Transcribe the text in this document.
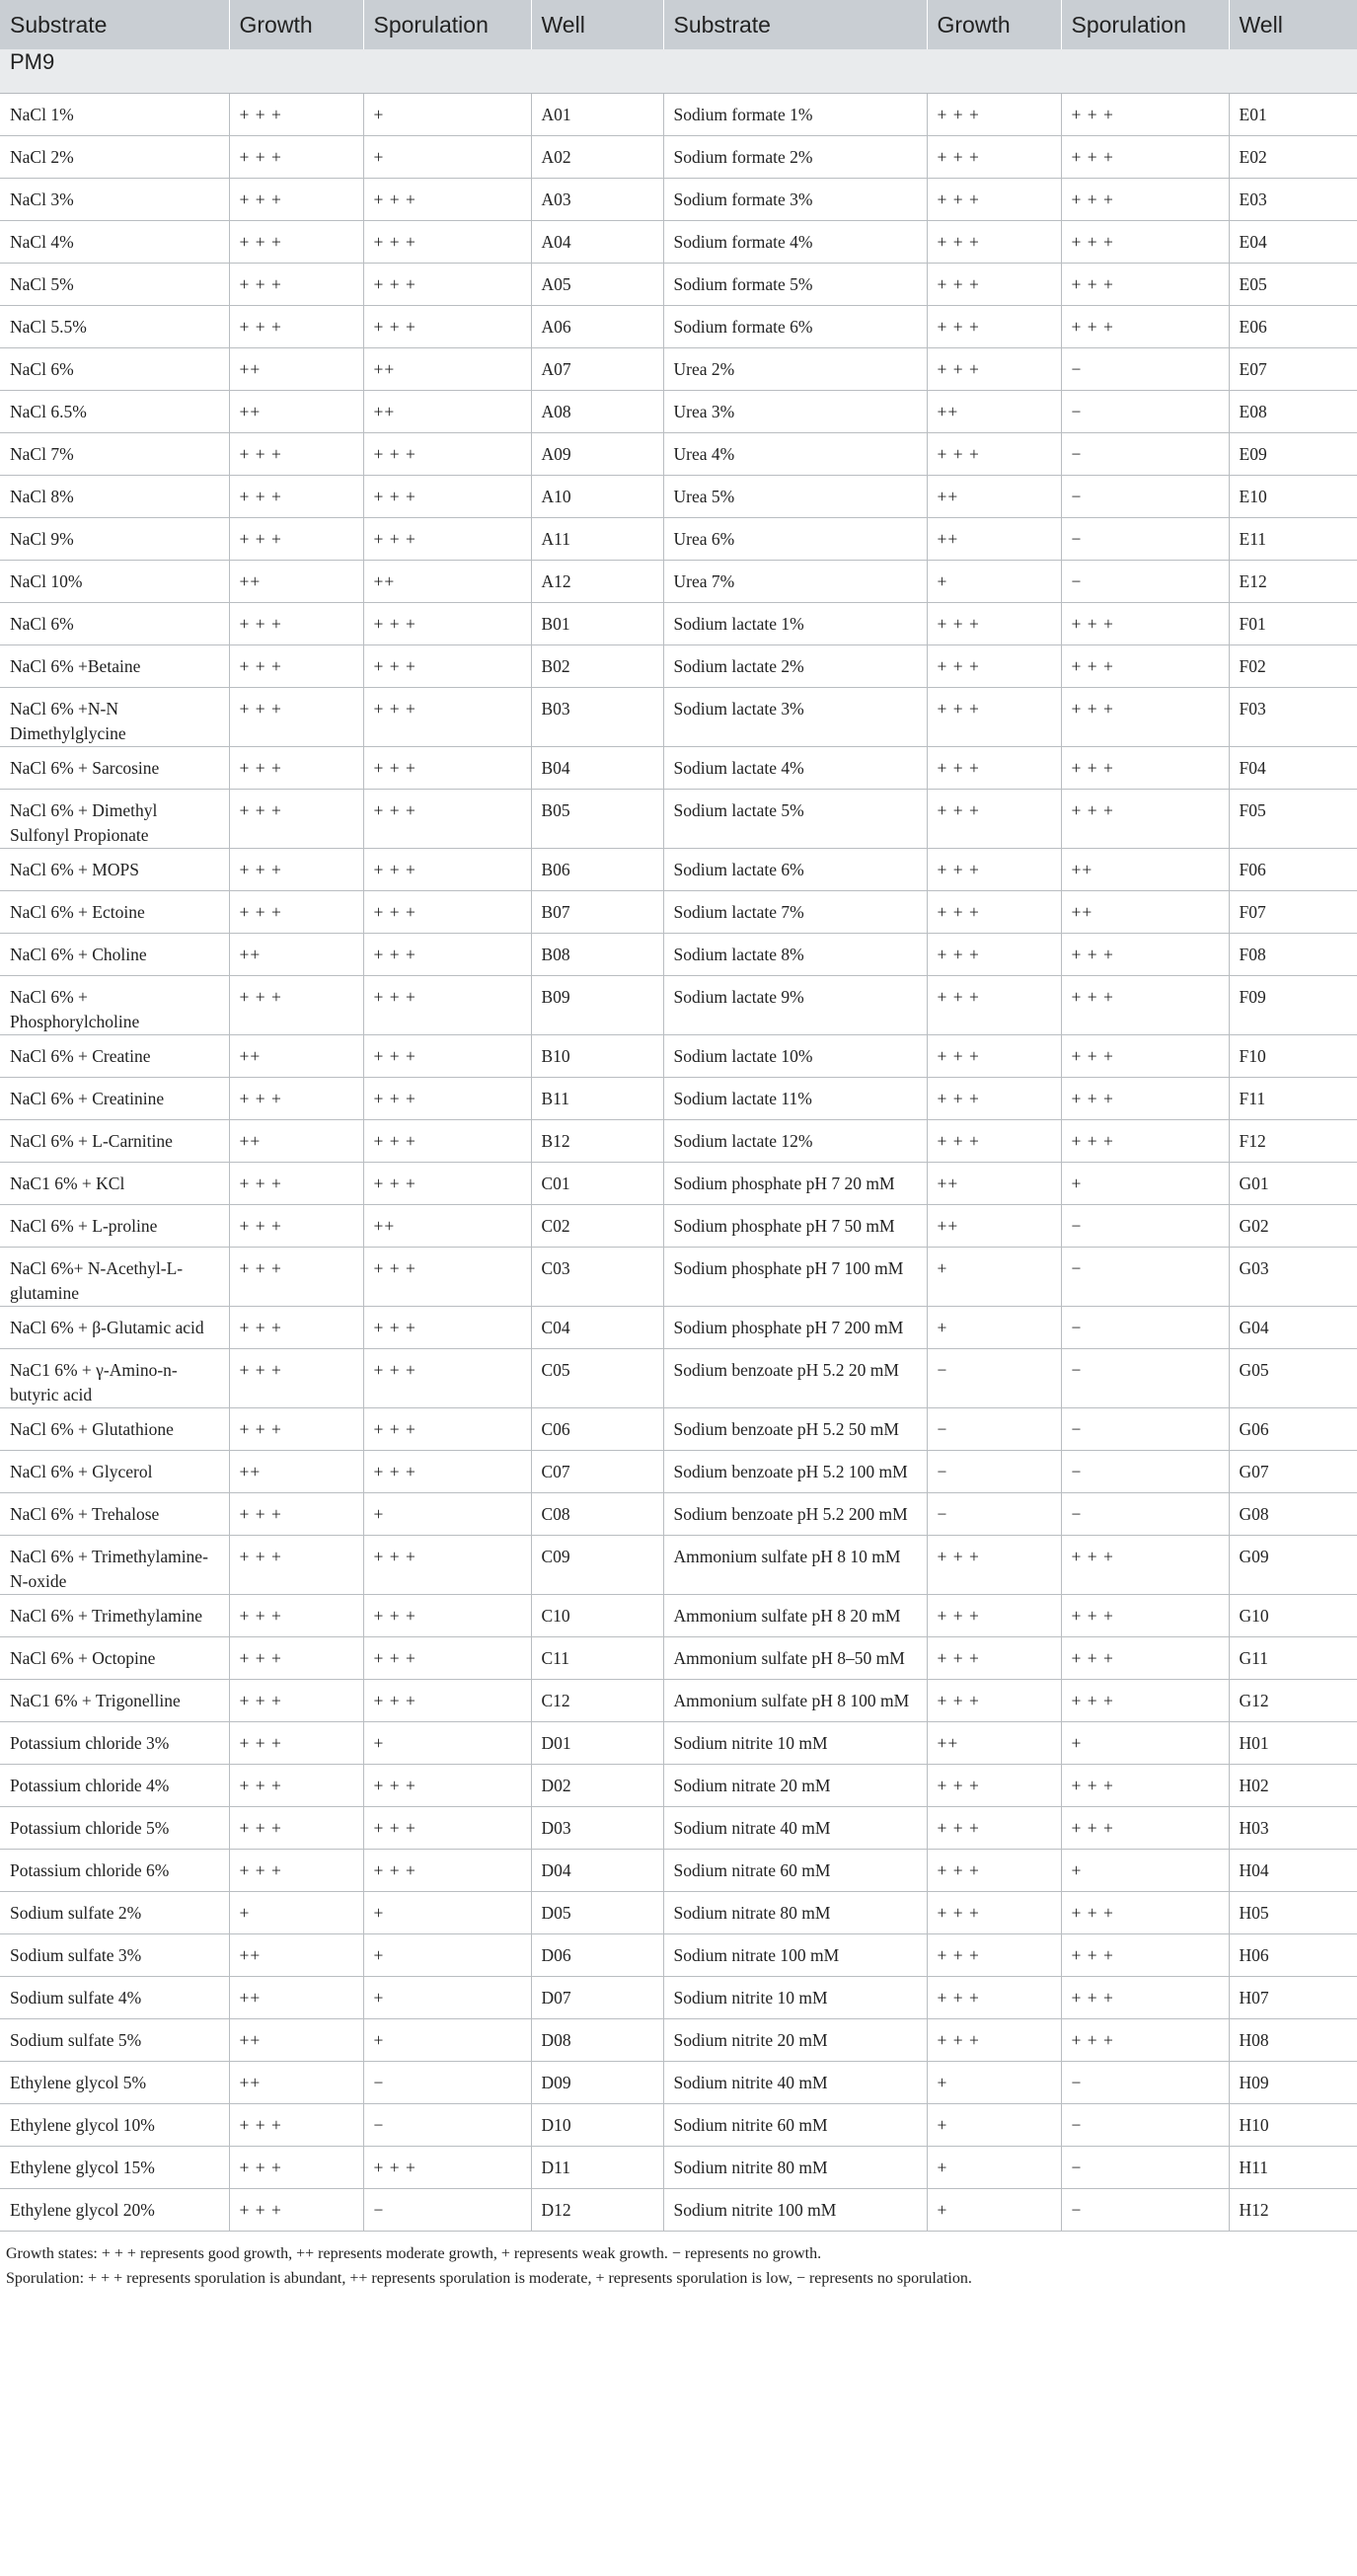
Substrate	Growth	Sporulation	Well	Substrate	Growth	Sporulation	Well
PM9							
NaCl 1%	+ + +	+	A01	Sodium formate 1%	+ + +	+ + +	E01
NaCl 2%	+ + +	+	A02	Sodium formate 2%	+ + +	+ + +	E02
NaCl 3%	+ + +	+ + +	A03	Sodium formate 3%	+ + +	+ + +	E03
NaCl 4%	+ + +	+ + +	A04	Sodium formate 4%	+ + +	+ + +	E04
NaCl 5%	+ + +	+ + +	A05	Sodium formate 5%	+ + +	+ + +	E05
NaCl 5.5%	+ + +	+ + +	A06	Sodium formate 6%	+ + +	+ + +	E06
NaCl 6%	++	++	A07	Urea 2%	+ + +	−	E07
NaCl 6.5%	++	++	A08	Urea 3%	++	−	E08
NaCl 7%	+ + +	+ + +	A09	Urea 4%	+ + +	−	E09
NaCl 8%	+ + +	+ + +	A10	Urea 5%	++	−	E10
NaCl 9%	+ + +	+ + +	A11	Urea 6%	++	−	E11
NaCl 10%	++	++	A12	Urea 7%	+	−	E12
NaCl 6%	+ + +	+ + +	B01	Sodium lactate 1%	+ + +	+ + +	F01
NaCl 6% +Betaine	+ + +	+ + +	B02	Sodium lactate 2%	+ + +	+ + +	F02
NaCl 6% +N-N Dimethylglycine	+ + +	+ + +	B03	Sodium lactate 3%	+ + +	+ + +	F03
NaCl 6% + Sarcosine	+ + +	+ + +	B04	Sodium lactate 4%	+ + +	+ + +	F04
NaCl 6% + Dimethyl Sulfonyl Propionate	+ + +	+ + +	B05	Sodium lactate 5%	+ + +	+ + +	F05
NaCl 6% + MOPS	+ + +	+ + +	B06	Sodium lactate 6%	+ + +	++	F06
NaCl 6% + Ectoine	+ + +	+ + +	B07	Sodium lactate 7%	+ + +	++	F07
NaCl 6% + Choline	++	+ + +	B08	Sodium lactate 8%	+ + +	+ + +	F08
NaCl 6% + Phosphorylcholine	+ + +	+ + +	B09	Sodium lactate 9%	+ + +	+ + +	F09
NaCl 6% + Creatine	++	+ + +	B10	Sodium lactate 10%	+ + +	+ + +	F10
NaCl 6% + Creatinine	+ + +	+ + +	B11	Sodium lactate 11%	+ + +	+ + +	F11
NaCl 6% + L-Carnitine	++	+ + +	B12	Sodium lactate 12%	+ + +	+ + +	F12
NaC1 6% + KCl	+ + +	+ + +	C01	Sodium phosphate pH 7 20 mM	++	+	G01
NaCl 6% + L-proline	+ + +	++	C02	Sodium phosphate pH 7 50 mM	++	−	G02
NaCl 6%+ N-Acethyl-L-glutamine	+ + +	+ + +	C03	Sodium phosphate pH 7 100 mM	+	−	G03
NaCl 6% + β-Glutamic acid	+ + +	+ + +	C04	Sodium phosphate pH 7 200 mM	+	−	G04
NaC1 6% + γ-Amino-n-butyric acid	+ + +	+ + +	C05	Sodium benzoate pH 5.2 20 mM	−	−	G05
NaCl 6% + Glutathione	+ + +	+ + +	C06	Sodium benzoate pH 5.2 50 mM	−	−	G06
NaCl 6% + Glycerol	++	+ + +	C07	Sodium benzoate pH 5.2 100 mM	−	−	G07
NaCl 6% + Trehalose	+ + +	+	C08	Sodium benzoate pH 5.2 200 mM	−	−	G08
NaCl 6% + Trimethylamine-N-oxide	+ + +	+ + +	C09	Ammonium sulfate pH 8 10 mM	+ + +	+ + +	G09
NaCl 6% + Trimethylamine	+ + +	+ + +	C10	Ammonium sulfate pH 8 20 mM	+ + +	+ + +	G10
NaCl 6% + Octopine	+ + +	+ + +	C11	Ammonium sulfate pH 8–50 mM	+ + +	+ + +	G11
NaC1 6% + Trigonelline	+ + +	+ + +	C12	Ammonium sulfate pH 8 100 mM	+ + +	+ + +	G12
Potassium chloride 3%	+ + +	+	D01	Sodium nitrite 10 mM	++	+	H01
Potassium chloride 4%	+ + +	+ + +	D02	Sodium nitrate 20 mM	+ + +	+ + +	H02
Potassium chloride 5%	+ + +	+ + +	D03	Sodium nitrate 40 mM	+ + +	+ + +	H03
Potassium chloride 6%	+ + +	+ + +	D04	Sodium nitrate 60 mM	+ + +	+	H04
Sodium sulfate 2%	+	+	D05	Sodium nitrate 80 mM	+ + +	+ + +	H05
Sodium sulfate 3%	++	+	D06	Sodium nitrate 100 mM	+ + +	+ + +	H06
Sodium sulfate 4%	++	+	D07	Sodium nitrite 10 mM	+ + +	+ + +	H07
Sodium sulfate 5%	++	+	D08	Sodium nitrite 20 mM	+ + +	+ + +	H08
Ethylene glycol 5%	++	−	D09	Sodium nitrite 40 mM	+	−	H09
Ethylene glycol 10%	+ + +	−	D10	Sodium nitrite 60 mM	+	−	H10
Ethylene glycol 15%	+ + +	+ + +	D11	Sodium nitrite 80 mM	+	−	H11
Ethylene glycol 20%	+ + +	−	D12	Sodium nitrite 100 mM	+	−	H12
Growth states: + + + represents good growth, ++ represents moderate growth, + represents weak growth. − represents no growth.
Sporulation: + + + represents sporulation is abundant, ++ represents sporulation is moderate, + represents sporulation is low, − represents no sporulation.
